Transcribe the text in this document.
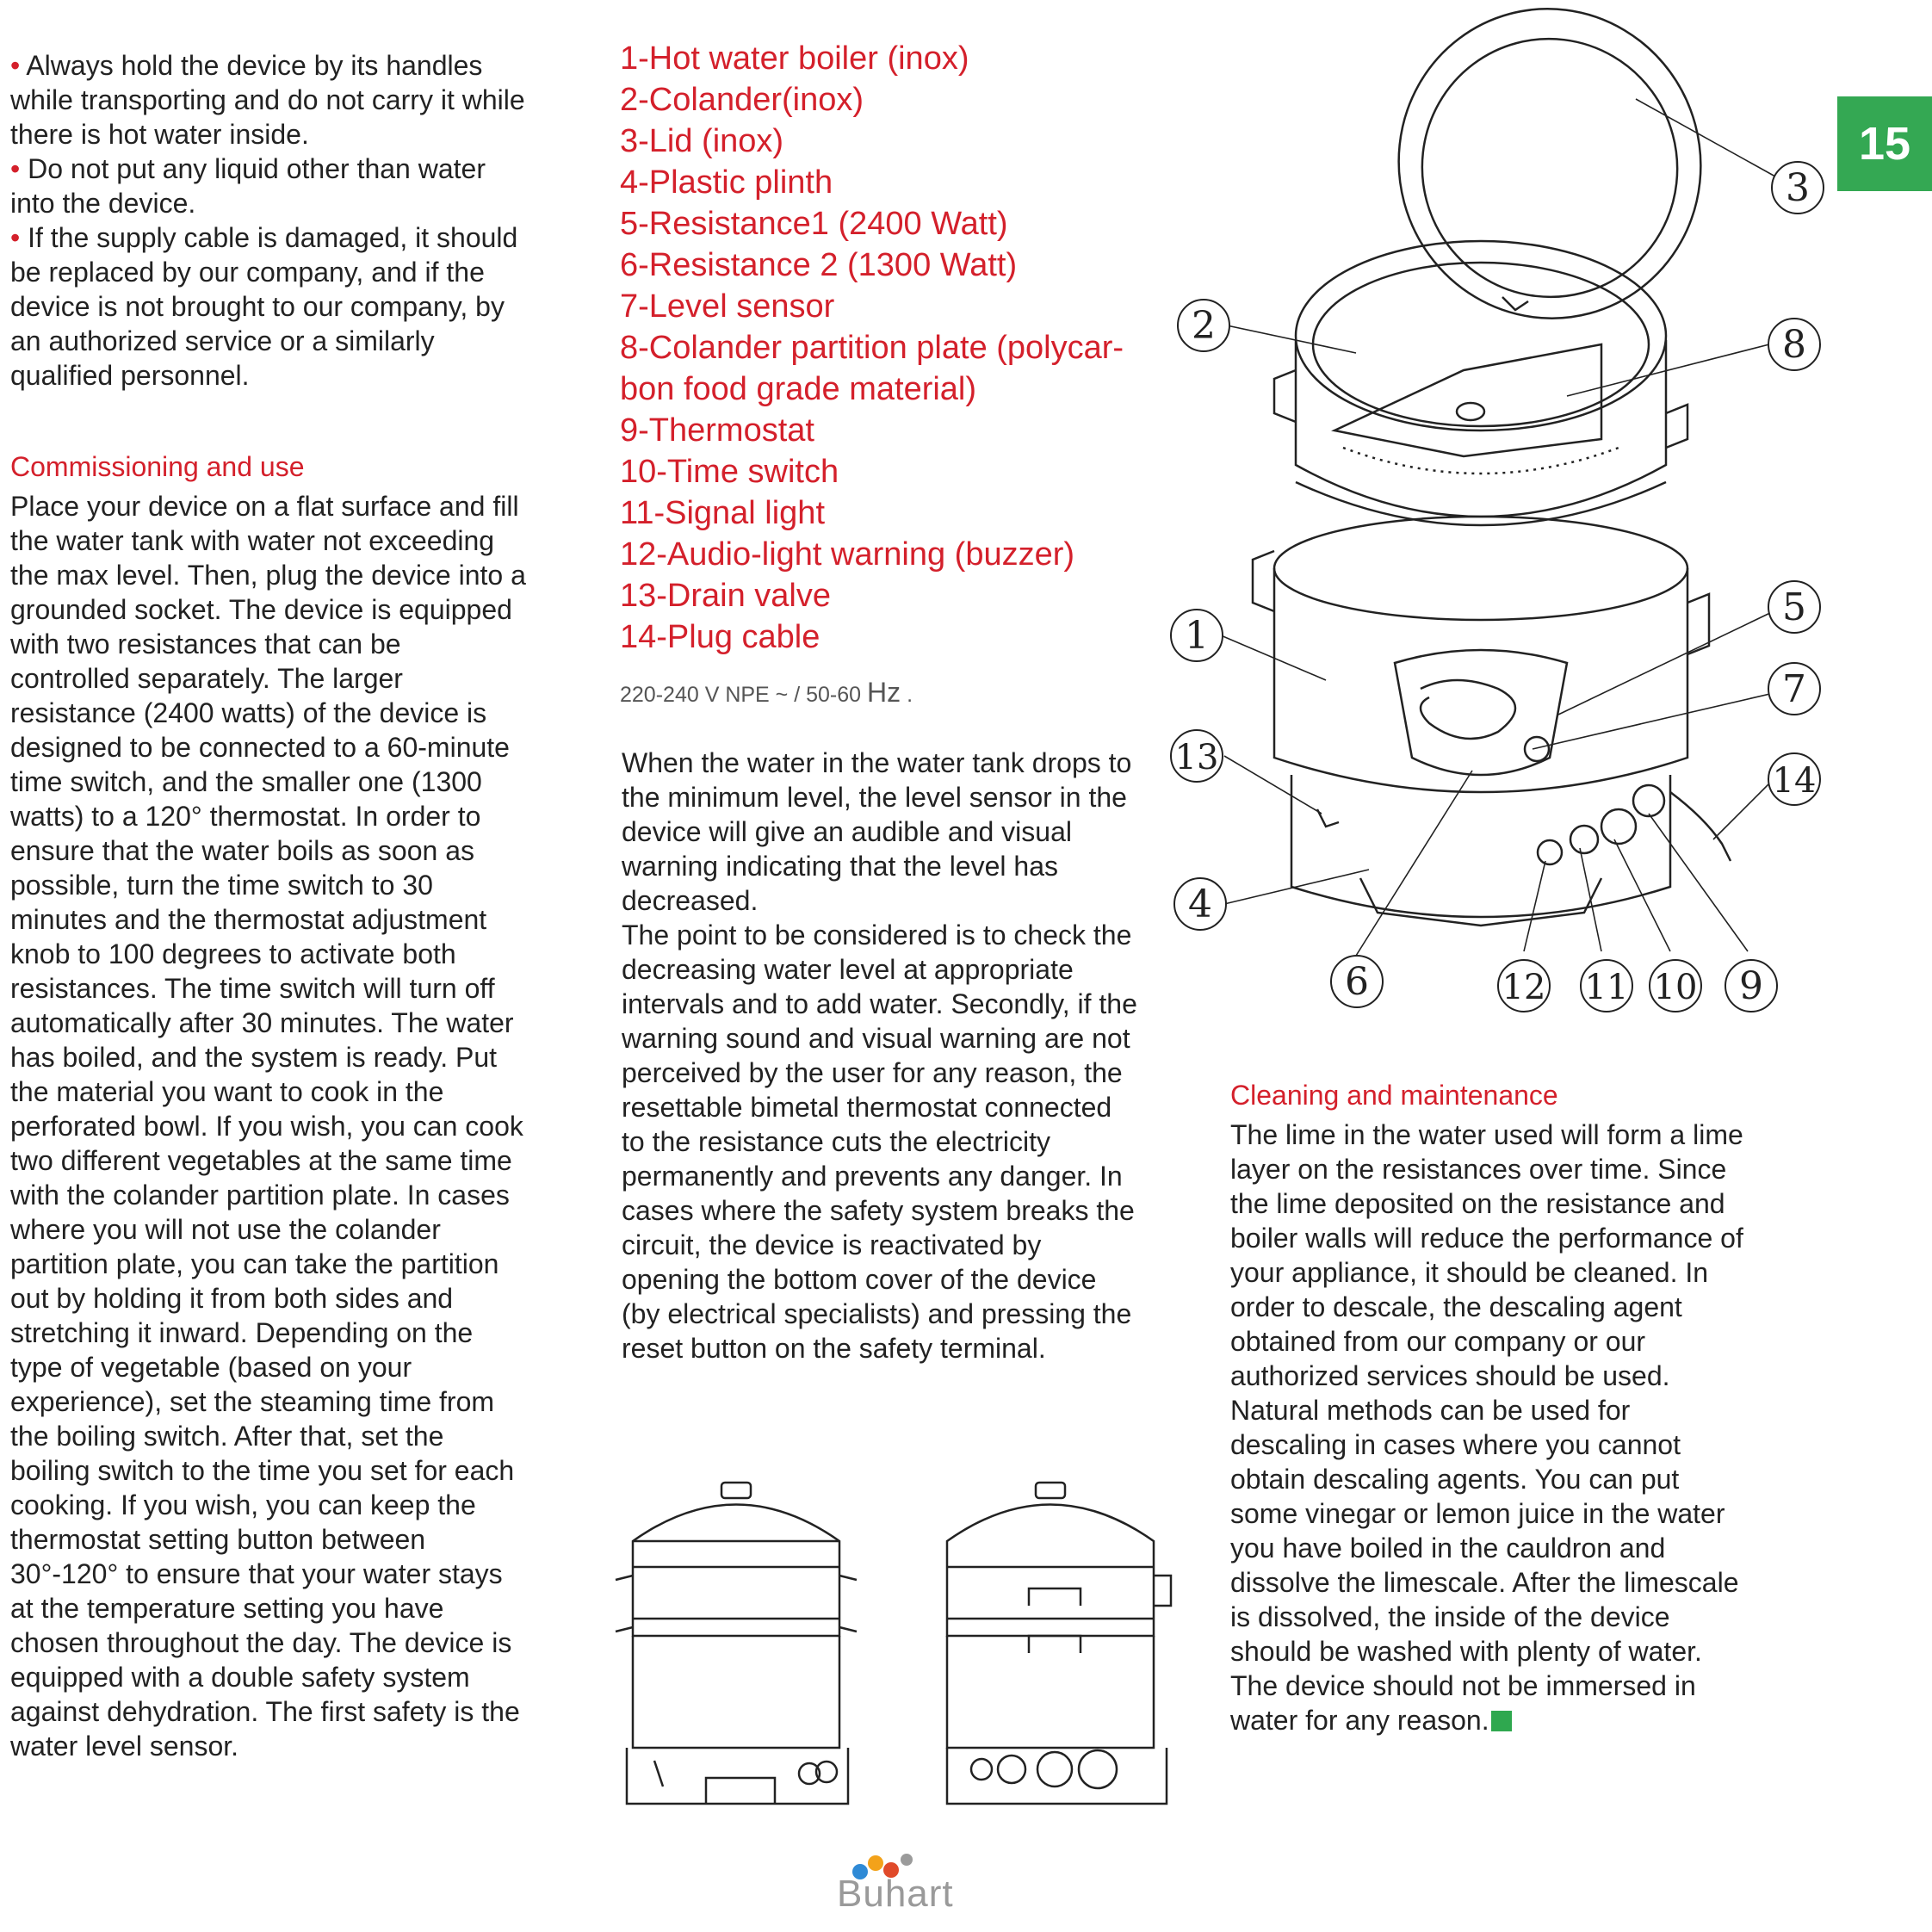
15

• Always hold the device by its handles while transporting and do not carry it while there is hot water inside.

• Do not put any liquid other than water into the device.

• If the supply cable is damaged, it should be replaced by our company, and if the device is not brought to our company, by an authorized service or a similarly qualified personnel.

Commissioning and use

Place your device on a flat surface and fill the water tank with water not exceeding the max level. Then, plug the device into a grounded socket. The device is equipped with two resistances that can be controlled separately. The larger resistance (2400 watts) of the device is designed to be connected to a 60-minute time switch, and the smaller one (1300 watts) to a 120° thermostat. In order to ensure that the water boils as soon as possible, turn the time switch to 30 minutes and the thermostat adjustment knob to 100 degrees to activate both resistances. The time switch will turn off automatically after 30 minutes. The water has boiled, and the system is ready. Put the material you want to cook in the perforated bowl. If you wish, you can cook two different vegetables at the same time with the colander partition plate. In cases where you will not use the colander partition plate, you can take the partition out by holding it from both sides and stretching it inward. Depending on the type of vegetable (based on your experience), set the steaming time from the boiling switch. After that, set the boiling switch to the time you set for each cooking. If you wish, you can keep the thermostat setting button between 30°-120° to ensure that your water stays at the temperature setting you have chosen throughout the day. The device is equipped with a double safety system against dehydration. The first safety is the water level sensor.

1-Hot water boiler (inox)
2-Colander(inox)
3-Lid (inox)
4-Plastic plinth
5-Resistance1 (2400 Watt)
6-Resistance 2 (1300 Watt)
7-Level sensor
8-Colander partition plate (polycar-
bon food grade material)
9-Thermostat
10-Time switch
11-Signal light
12-Audio-light warning (buzzer)
13-Drain valve
14-Plug cable
220-240 V NPE ~ / 50-60 Hz .

When the water in the water tank drops to the minimum level, the level sensor in the device will give an audible and visual warning indicating that the level has decreased.

The point to be considered is to check the decreasing water level at appropriate intervals and to add water. Secondly, if the warning sound and visual warning are not perceived by the user for any reason, the resettable bimetal thermostat connected to the resistance cuts the electricity permanently and prevents any danger. In cases where the safety system breaks the circuit, the device is reactivated by opening the bottom cover of the device (by electrical specialists) and pressing the reset button on the safety terminal.

Cleaning and maintenance

The lime in the water used will form a lime layer on the resistances over time. Since the lime deposited on the resistance and boiler walls will reduce the performance of your appliance, it should be cleaned. In order to descale, the descaling agent obtained from our company or our authorized services should be used. Natural methods can be used for descaling in cases where you cannot obtain descaling agents. You can put some vinegar or lemon juice in the water you have boiled in the cauldron and dissolve the limescale. After the limescale is dissolved, the inside of the device should be washed with plenty of water. The device should not be immersed in water for any reason.

1
2
3
4
5
6
7
8
9
10
11
12
13
14
Buhart
